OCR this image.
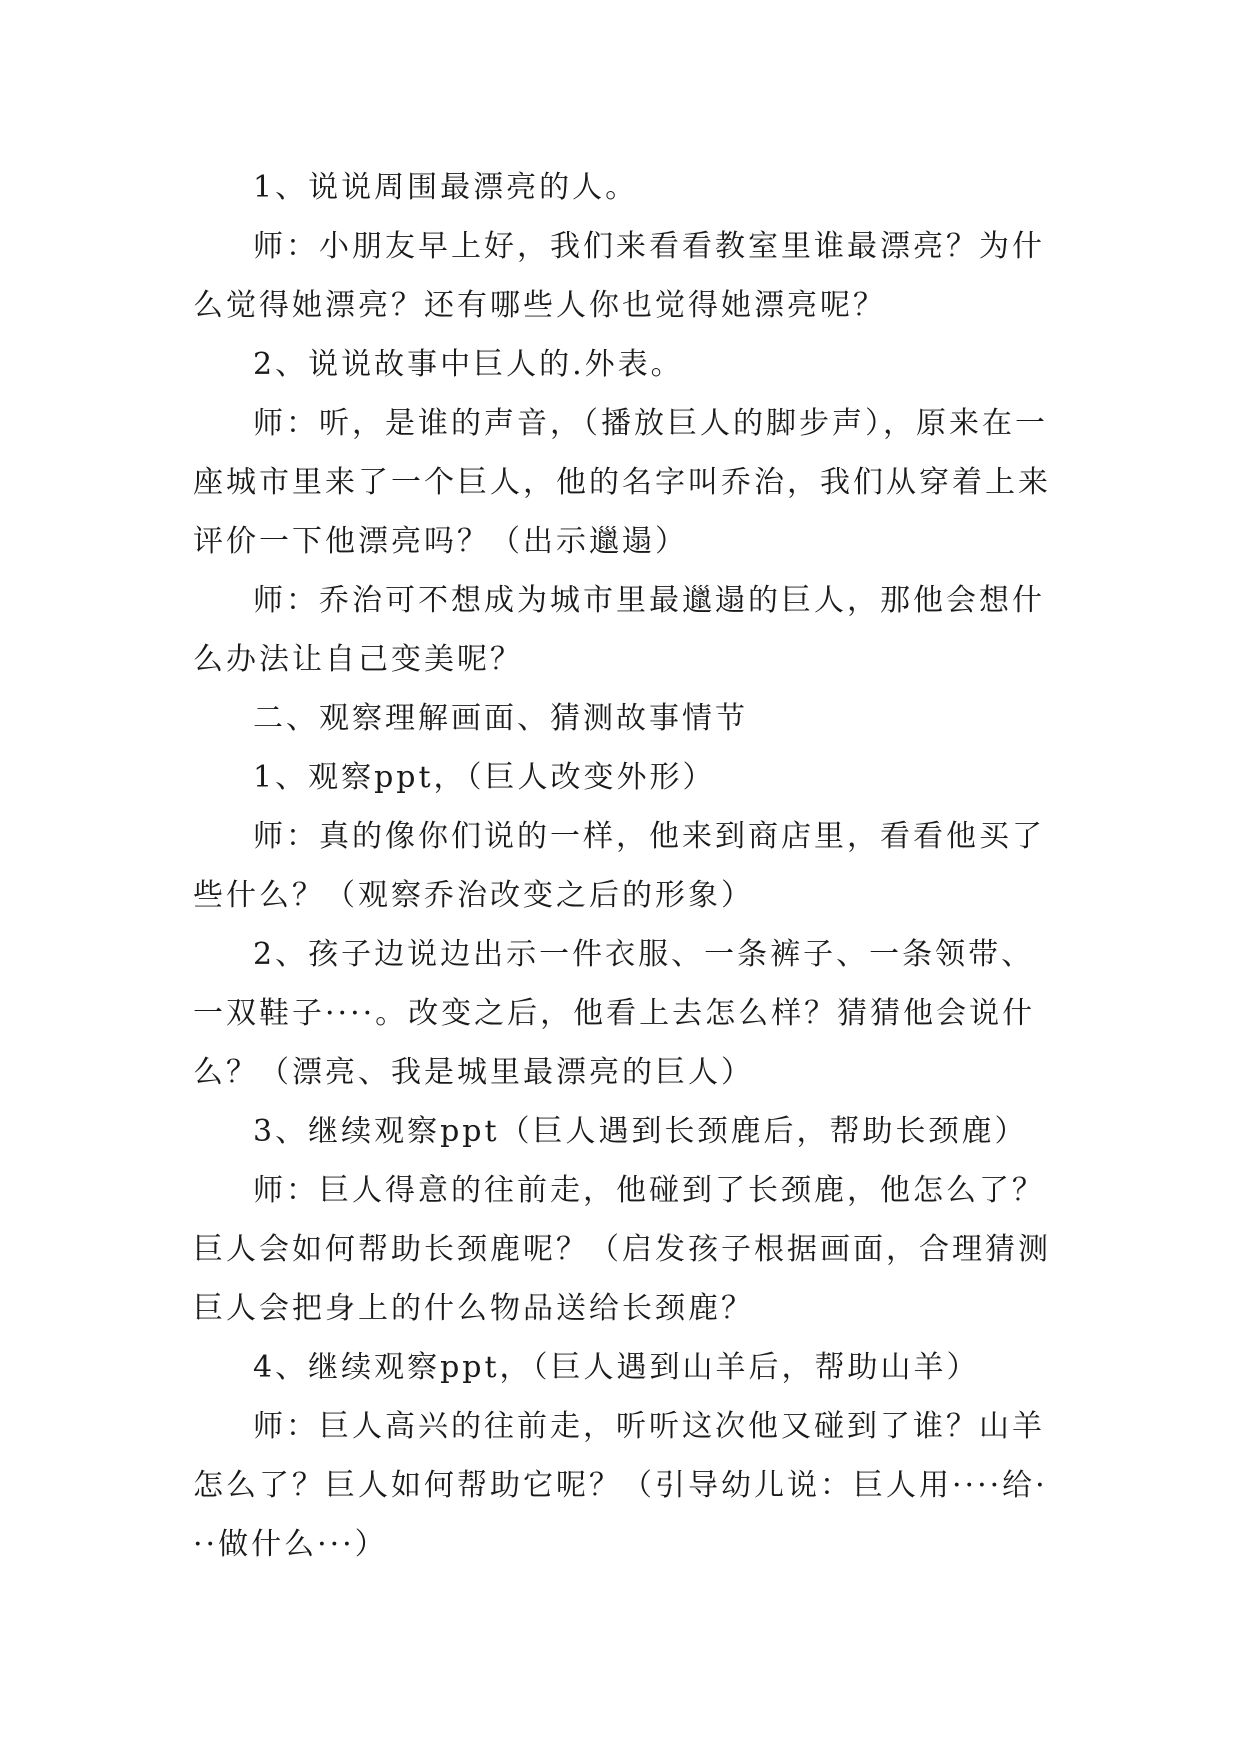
1、说说周围最漂亮的人。

师：小朋友早上好，我们来看看教室里谁最漂亮？为什么觉得她漂亮？还有哪些人你也觉得她漂亮呢？

2、说说故事中巨人的.外表。

师：听，是谁的声音，（播放巨人的脚步声），原来在一座城市里来了一个巨人，他的名字叫乔治，我们从穿着上来评价一下他漂亮吗？（出示邋遢）

师：乔治可不想成为城市里最邋遢的巨人，那他会想什么办法让自己变美呢？

二、观察理解画面、猜测故事情节

1、观察ppt，（巨人改变外形）

师：真的像你们说的一样，他来到商店里，看看他买了些什么？（观察乔治改变之后的形象）

2、孩子边说边出示一件衣服、一条裤子、一条领带、一双鞋子····。改变之后，他看上去怎么样？猜猜他会说什么？（漂亮、我是城里最漂亮的巨人）

3、继续观察ppt（巨人遇到长颈鹿后，帮助长颈鹿）

师：巨人得意的往前走，他碰到了长颈鹿，他怎么了？巨人会如何帮助长颈鹿呢？（启发孩子根据画面，合理猜测巨人会把身上的什么物品送给长颈鹿？

4、继续观察ppt，（巨人遇到山羊后，帮助山羊）

师：巨人高兴的往前走，听听这次他又碰到了谁？山羊怎么了？巨人如何帮助它呢？（引导幼儿说：巨人用····给···做什么···）
